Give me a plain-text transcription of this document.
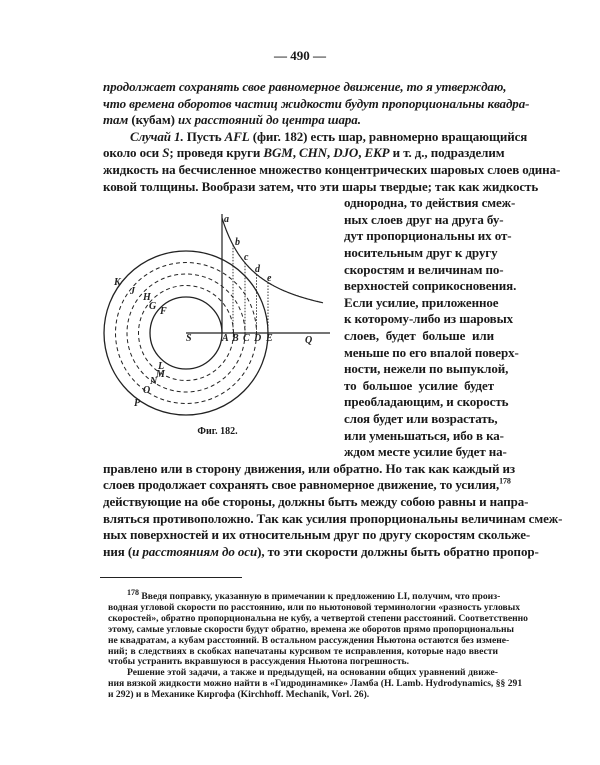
— 490 —
продолжает сохранять свое равномерное движение, то я утверждаю,
что времена оборотов частиц жидкости будут пропорциональны квадра-
там (кубам) их расстояний до центра шара.
Случай 1. Пусть AFL (фиг. 182) есть шар, равномерно вращающийся
около оси S; проведя круги BGM, CHN, DJO, EKP и т. д., подразделим
жидкость на бесчисленное множество концентрических шаровых слоев одина-
ковой толщины. Вообрази затем, что эти шары твердые; так как жидкость
однородна, то действия смеж-
ных слоев друг на друга бу-
дут пропорциональны их от-
носительным друг к другу
скоростям и величинам по-
верхностей соприкосновения.
Если усилие, приложенное
к которому-либо из шаровых
слоев, будет больше или
меньше по его впалой поверх-
ности, нежели по выпуклой,
то большое усилие будет
преобладающим, и скорость
слоя будет или возрастать,
или уменьшаться, ибо в ка-
ждом месте усилие будет на-
правлено или в сторону движения, или обратно. Но так как каждый из
слоев продолжает сохранять свое равномерное движение, то усилия,$^{178}$
действующие на обе стороны, должны быть между собою равны и напра-
вляться противоположно. Так как усилия пропорциональны величинам смеж-
ных поверхностей и их относительным друг по другу скоростям скольже-
ния (и расстояниям до оси), то эти скорости должны быть обратно пропор-
S	A B C D E	Q
a
b
c
d
e
K
J
H
G F
L
M
N
O
P
Фиг. 182.
$^{178}$ Введя поправку, указанную в примечании к предложению LI, получим, что произ-
водная угловой скорости по расстоянию, или по ньютоновой терминологии «разность угловых
скоростей», обратно пропорциональна не кубу, а четвертой степени расстояний. Соответственно
этому, самые угловые скорости будут обратно, времена же оборотов прямо пропорциональны
не квадратам, а кубам расстояний. В остальном рассуждения Ньютона остаются без измене-
ний; в следствиях в скобках напечатаны курсивом те исправления, которые надо ввести
чтобы устранить вкравшуюся в рассуждения Ньютона погрешность.
Решение этой задачи, а также и предыдущей, на основании общих уравнений движе-
ния вязкой жидкости можно найти в «Гидродинамике» Ламба (H. Lamb. Hydrodynamics, §§ 291
и 292) и в Механике Киргофа (Kirchhoff. Mechanik, Vorl. 26).
